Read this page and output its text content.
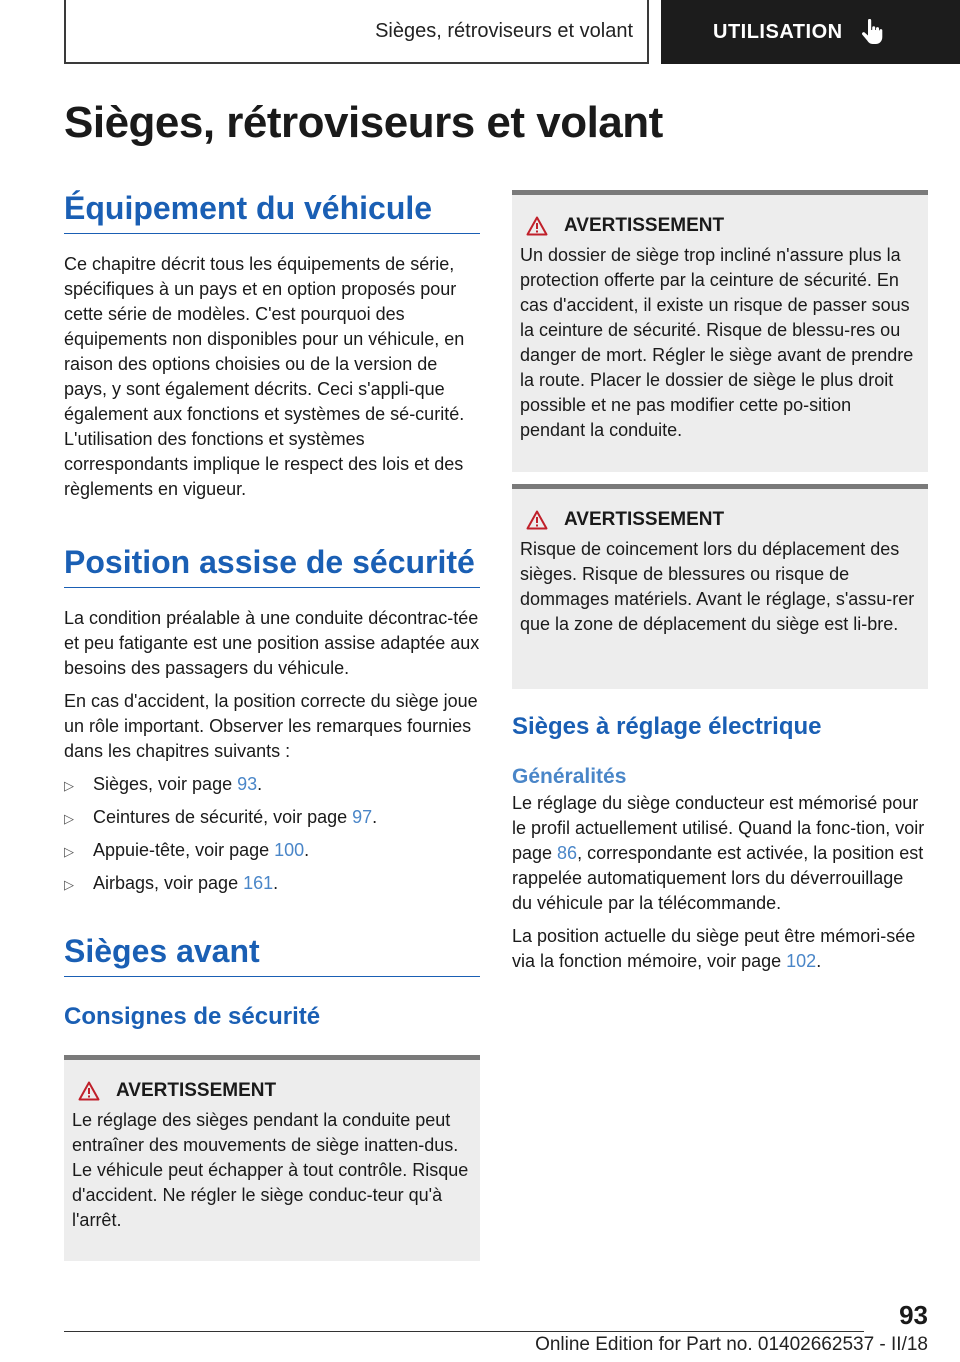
Sièges, rétroviseurs et volant	UTILISATION
Sièges, rétroviseurs et volant
Équipement du véhicule

Ce chapitre décrit tous les équipements de série, spécifiques à un pays et en option proposés pour cette série de modèles. C'est pourquoi des équipements non disponibles pour un véhicule, en raison des options choisies ou de la version de pays, y sont également décrits. Ceci s'appli-que également aux fonctions et systèmes de sé-curité. L'utilisation des fonctions et systèmes correspondants implique le respect des lois et des règlements en vigueur.

Position assise de sécurité

La condition préalable à une conduite décontrac-tée et peu fatigante est une position assise adaptée aux besoins des passagers du véhicule.

En cas d'accident, la position correcte du siège joue un rôle important. Observer les remarques fournies dans les chapitres suivants :

▷	Sièges, voir page 93.
▷	Ceintures de sécurité, voir page 97.
▷	Appuie-tête, voir page 100.
▷	Airbags, voir page 161.
Sièges avant
Consignes de sécurité
AVERTISSEMENT

Le réglage des sièges pendant la conduite peut entraîner des mouvements de siège inatten-dus. Le véhicule peut échapper à tout contrôle. Risque d'accident. Ne régler le siège conduc-teur qu'à l'arrêt.

AVERTISSEMENT

Un dossier de siège trop incliné n'assure plus la protection offerte par la ceinture de sécurité. En cas d'accident, il existe un risque de passer sous la ceinture de sécurité. Risque de blessu-res ou danger de mort. Régler le siège avant de prendre la route. Placer le dossier de siège le plus droit possible et ne pas modifier cette po-sition pendant la conduite.

AVERTISSEMENT

Risque de coincement lors du déplacement des sièges. Risque de blessures ou risque de dommages matériels. Avant le réglage, s'assu-rer que la zone de déplacement du siège est li-bre.

Sièges à réglage électrique
Généralités

Le réglage du siège conducteur est mémorisé pour le profil actuellement utilisé. Quand la fonc-tion, voir page 86, correspondante est activée, la position est rappelée automatiquement lors du déverrouillage du véhicule par la télécommande.

La position actuelle du siège peut être mémori-sée via la fonction mémoire, voir page 102.

93
Online Edition for Part no. 01402662537 - II/18
